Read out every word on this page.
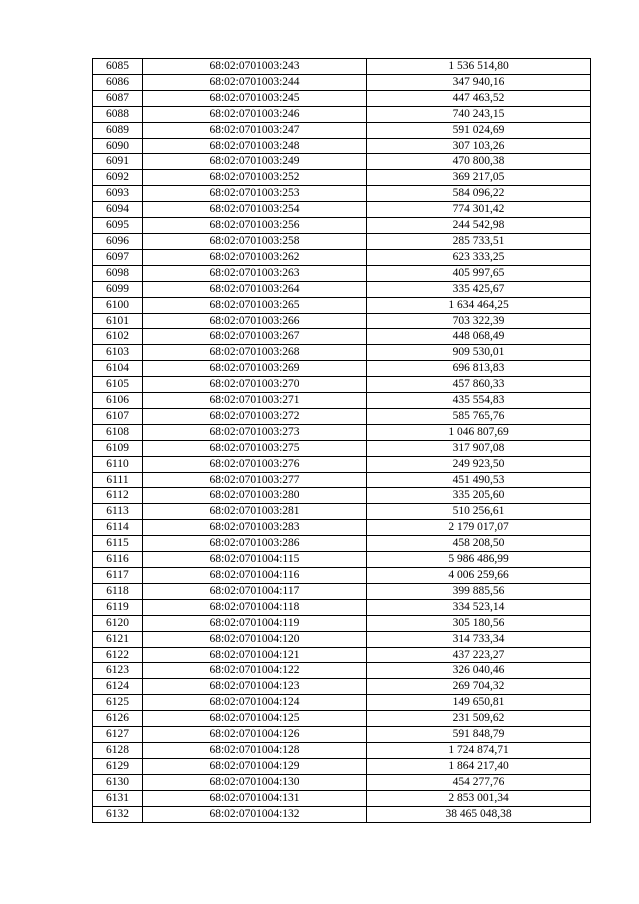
6085	68:02:0701003:243	1 536 514,80
6086	68:02:0701003:244	347 940,16
6087	68:02:0701003:245	447 463,52
6088	68:02:0701003:246	740 243,15
6089	68:02:0701003:247	591 024,69
6090	68:02:0701003:248	307 103,26
6091	68:02:0701003:249	470 800,38
6092	68:02:0701003:252	369 217,05
6093	68:02:0701003:253	584 096,22
6094	68:02:0701003:254	774 301,42
6095	68:02:0701003:256	244 542,98
6096	68:02:0701003:258	285 733,51
6097	68:02:0701003:262	623 333,25
6098	68:02:0701003:263	405 997,65
6099	68:02:0701003:264	335 425,67
6100	68:02:0701003:265	1 634 464,25
6101	68:02:0701003:266	703 322,39
6102	68:02:0701003:267	448 068,49
6103	68:02:0701003:268	909 530,01
6104	68:02:0701003:269	696 813,83
6105	68:02:0701003:270	457 860,33
6106	68:02:0701003:271	435 554,83
6107	68:02:0701003:272	585 765,76
6108	68:02:0701003:273	1 046 807,69
6109	68:02:0701003:275	317 907,08
6110	68:02:0701003:276	249 923,50
6111	68:02:0701003:277	451 490,53
6112	68:02:0701003:280	335 205,60
6113	68:02:0701003:281	510 256,61
6114	68:02:0701003:283	2 179 017,07
6115	68:02:0701003:286	458 208,50
6116	68:02:0701004:115	5 986 486,99
6117	68:02:0701004:116	4 006 259,66
6118	68:02:0701004:117	399 885,56
6119	68:02:0701004:118	334 523,14
6120	68:02:0701004:119	305 180,56
6121	68:02:0701004:120	314 733,34
6122	68:02:0701004:121	437 223,27
6123	68:02:0701004:122	326 040,46
6124	68:02:0701004:123	269 704,32
6125	68:02:0701004:124	149 650,81
6126	68:02:0701004:125	231 509,62
6127	68:02:0701004:126	591 848,79
6128	68:02:0701004:128	1 724 874,71
6129	68:02:0701004:129	1 864 217,40
6130	68:02:0701004:130	454 277,76
6131	68:02:0701004:131	2 853 001,34
6132	68:02:0701004:132	38 465 048,38
